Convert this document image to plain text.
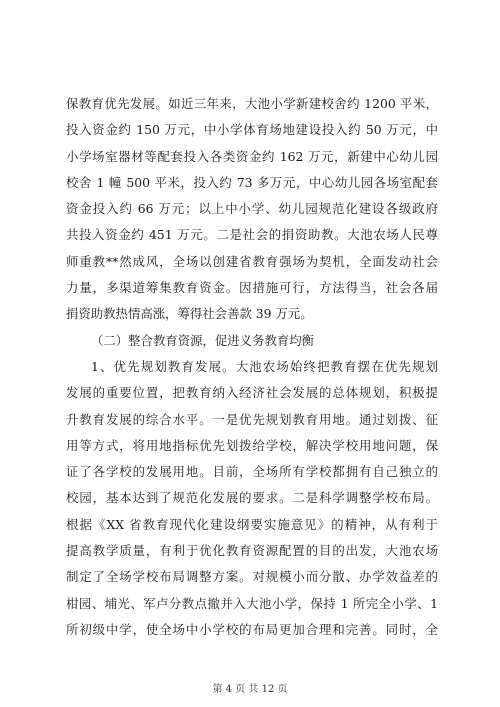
保教育优先发展。如近三年来，大池小学新建校舍约 1200 平米，
投入资金约 150 万元，中小学体育场地建设投入约 50 万元，中
小学场室器材等配套投入各类资金约 162 万元，新建中心幼儿园
校舍 1 幢 500 平米，投入约 73 多万元，中心幼儿园各场室配套
资金投入约 66 万元；以上中小学、幼儿园规范化建设各级政府
共投入资金约 451 万元。二是社会的捐资助教。大池农场人民尊
师重教**然成风，全场以创建省教育强场为契机，全面发动社会
力量，多渠道筹集教育资金。因措施可行，方法得当，社会各届
捐资助教热情高涨，筹得社会善款 39 万元。
（二）整合教育资源，促进义务教育均衡
1、优先规划教育发展。大池农场始终把教育摆在优先规划
发展的重要位置，把教育纳入经济社会发展的总体规划，积极提
升教育发展的综合水平。一是优先规划教育用地。通过划拨、征
用等方式，将用地指标优先划拨给学校，解决学校用地问题，保
证了各学校的发展用地。目前，全场所有学校都拥有自己独立的
校园，基本达到了规范化发展的要求。二是科学调整学校布局。
根据《XX 省教育现代化建设纲要实施意见》的精神，从有利于
提高教学质量，有利于优化教育资源配置的目的出发，大池农场
制定了全场学校布局调整方案。对规模小而分散、办学效益差的
柑园、埔光、军卢分教点撤并入大池小学，保持 1 所完全小学、1
所初级中学，使全场中小学校的布局更加合理和完善。同时，全
第 4 页 共 12 页
